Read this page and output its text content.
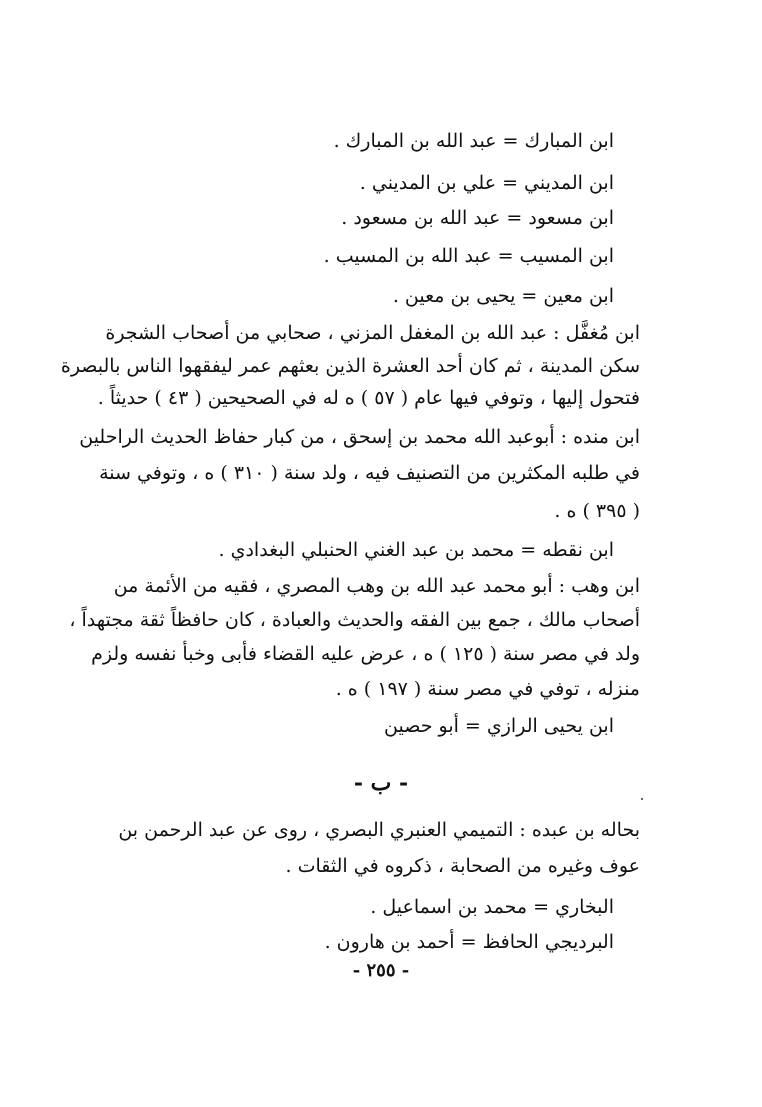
ابن المبارك = عبد الله بن المبارك .
ابن المديني = علي بن المديني .
ابن مسعود = عبد الله بن مسعود .
ابن المسيب = عبد الله بن المسيب .
ابن معين = يحيى بن معين .
ابن مُغفَّل : عبد الله بن المغفل المزني ، صحابي من أصحاب الشجرة
سكن المدينة ، ثم كان أحد العشرة الذين بعثهم عمر ليفقهوا الناس بالبصرة
فتحول إليها ، وتوفي فيها عام ( ٥٧ ) ه له في الصحيحين ( ٤٣ ) حديثاً .
ابن منده : أبوعبد الله محمد بن إسحق ، من كبار حفاظ الحديث الراحلين
في طلبه المكثرين من التصنيف فيه ، ولد سنة ( ٣١٠ ) ه ، وتوفي سنة
( ٣٩٥ ) ه .
ابن نقطه = محمد بن عبد الغني الحنبلي البغدادي .
ابن وهب : أبو محمد عبد الله بن وهب المصري ، فقيه من الأئمة من
أصحاب مالك ، جمع بين الفقه والحديث والعبادة ، كان حافظاً ثقة مجتهداً ،
ولد في مصر سنة ( ١٢٥ ) ه ، عرض عليه القضاء فأبى وخبأ نفسه ولزم
منزله ، توفي في مصر سنة ( ١٩٧ ) ه .
ابن يحيى الرازي = أبو حصين
- ب -
بحاله بن عبده : التميمي العنبري البصري ، روى عن عبد الرحمن بن
عوف وغيره من الصحابة ، ذكروه في الثقات .
البخاري = محمد بن اسماعيل .
البرديجي الحافظ = أحمد بن هارون .
- ٢٥٥ -
